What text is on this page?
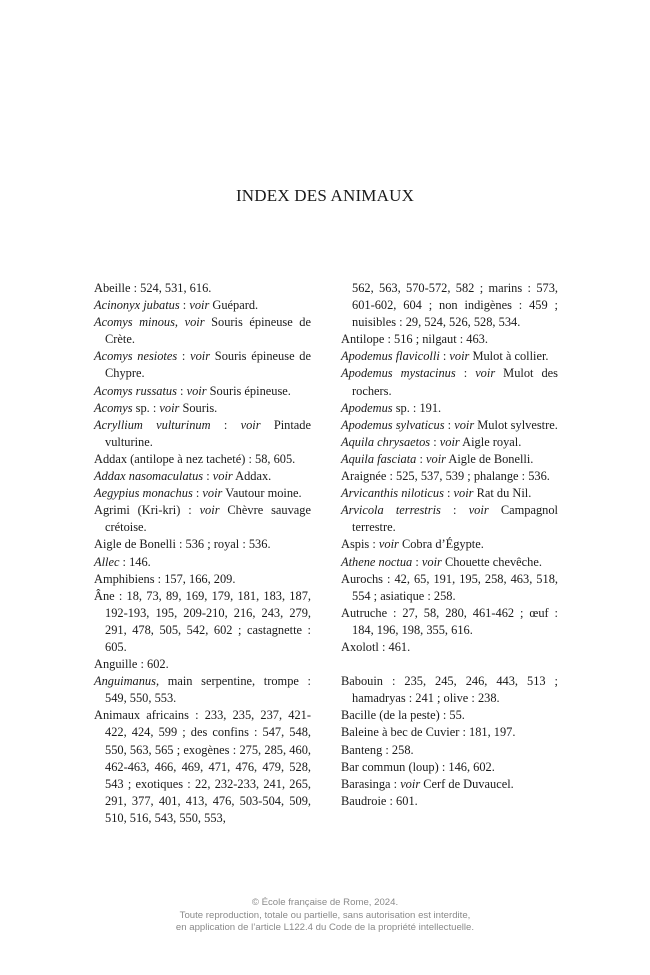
INDEX DES ANIMAUX

Abeille : 524, 531, 616.

Acinonyx jubatus : voir Guépard.

Acomys minous, voir Souris épineuse de Crète.

Acomys nesiotes : voir Souris épineuse de Chypre.

Acomys russatus : voir Souris épineuse.

Acomys sp. : voir Souris.

Acryllium vulturinum : voir Pintade vulturine.

Addax (antilope à nez tacheté) : 58, 605.

Addax nasomaculatus : voir Addax.

Aegypius monachus : voir Vautour moine.

Agrimi (Kri-kri) : voir Chèvre sauvage crétoise.

Aigle de Bonelli : 536 ; royal : 536.

Allec : 146.

Amphibiens : 157, 166, 209.

Âne : 18, 73, 89, 169, 179, 181, 183, 187, 192-193, 195, 209-210, 216, 243, 279, 291, 478, 505, 542, 602 ; castagnette : 605.

Anguille : 602.

Anguimanus, main serpentine, trompe : 549, 550, 553.

Animaux africains : 233, 235, 237, 421-422, 424, 599 ; des confins : 547, 548, 550, 563, 565 ; exogènes : 275, 285, 460, 462-463, 466, 469, 471, 476, 479, 528, 543 ; exotiques : 22, 232-233, 241, 265, 291, 377, 401, 413, 476, 503-504, 509, 510, 516, 543, 550, 553,

562, 563, 570-572, 582 ; marins : 573, 601-602, 604 ; non indigènes : 459 ; nuisibles : 29, 524, 526, 528, 534.

Antilope : 516 ; nilgaut : 463.

Apodemus flavicolli : voir Mulot à collier.

Apodemus mystacinus : voir Mulot des rochers.

Apodemus sp. : 191.

Apodemus sylvaticus : voir Mulot sylvestre.

Aquila chrysaetos : voir Aigle royal.

Aquila fasciata : voir Aigle de Bonelli.

Araignée : 525, 537, 539 ; phalange : 536.

Arvicanthis niloticus : voir Rat du Nil.

Arvicola terrestris : voir Campagnol terrestre.

Aspis : voir Cobra d’Égypte.

Athene noctua : voir Chouette chevêche.

Aurochs : 42, 65, 191, 195, 258, 463, 518, 554 ; asiatique : 258.

Autruche : 27, 58, 280, 461-462 ; œuf : 184, 196, 198, 355, 616.

Axolotl : 461.

Babouin : 235, 245, 246, 443, 513 ; hamadryas : 241 ; olive : 238.

Bacille (de la peste) : 55.

Baleine à bec de Cuvier : 181, 197.

Banteng : 258.

Bar commun (loup) : 146, 602.

Barasinga : voir Cerf de Duvaucel.

Baudroie : 601.

© École française de Rome, 2024.
Toute reproduction, totale ou partielle, sans autorisation est interdite,
en application de l’article L122.4 du Code de la propriété intellectuelle.
